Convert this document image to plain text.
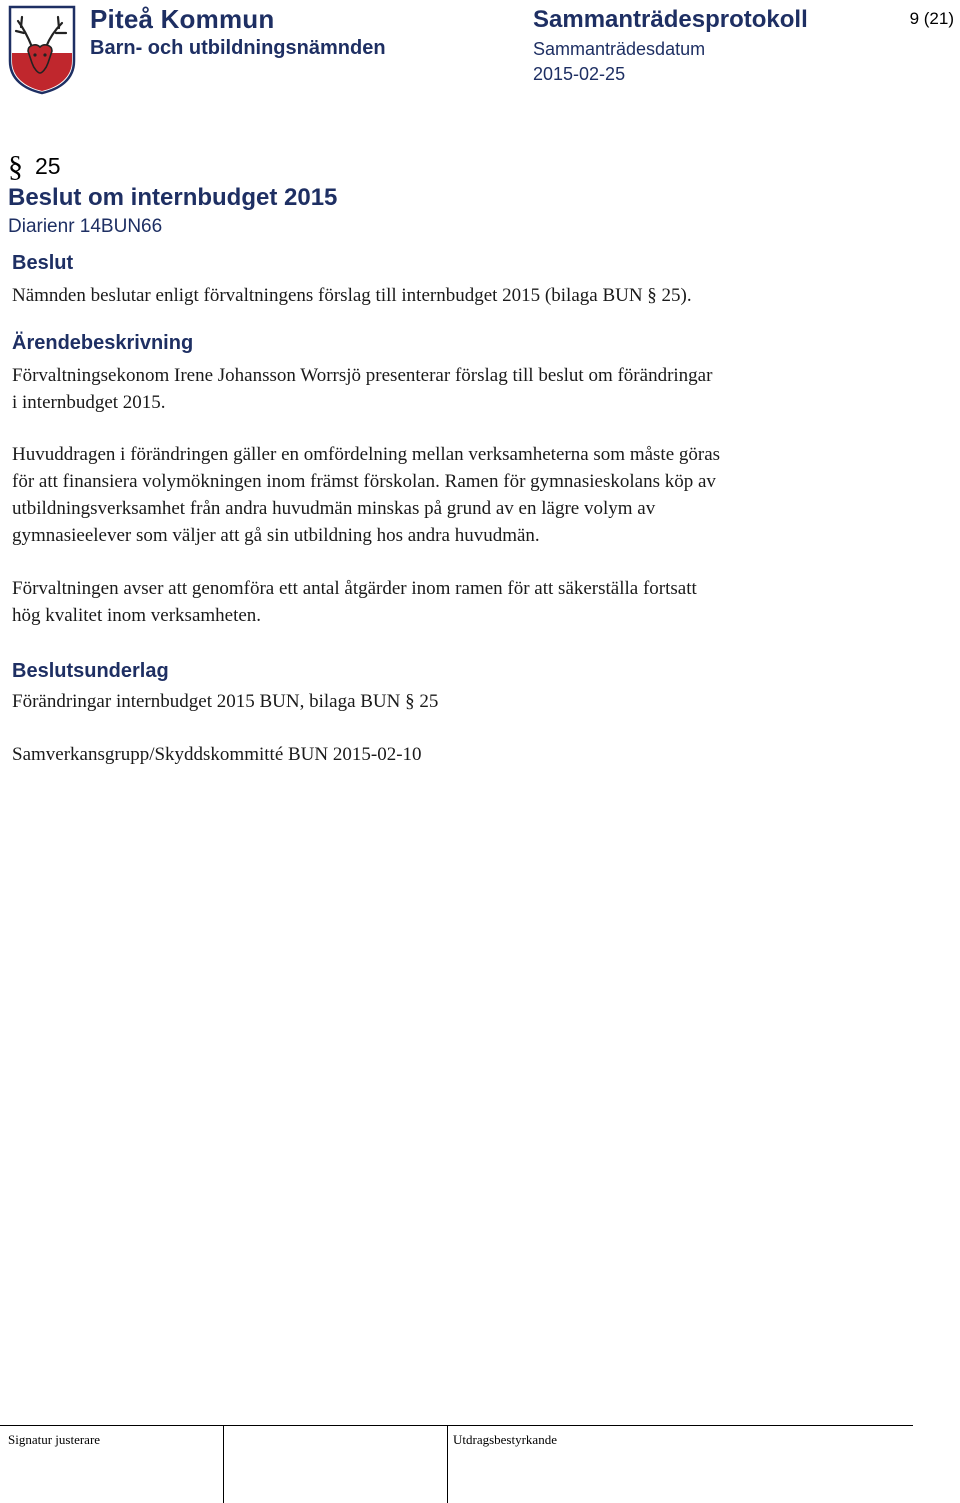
Piteå Kommun
Barn- och utbildningsnämnden
Sammanträdesprotokoll
Sammanträdesdatum
2015-02-25
9 (21)
§ 25
Beslut om internbudget 2015
Diarienr 14BUN66
Beslut
Nämnden beslutar enligt förvaltningens förslag till internbudget 2015 (bilaga BUN § 25).
Ärendebeskrivning
Förvaltningsekonom Irene Johansson Worrsjö presenterar förslag till beslut om förändringar
i internbudget 2015.
Huvuddragen i förändringen gäller en omfördelning mellan verksamheterna som måste göras
för att finansiera volymökningen inom främst förskolan. Ramen för gymnasieskolans köp av
utbildningsverksamhet från andra huvudmän minskas på grund av en lägre volym av
gymnasieelever som väljer att gå sin utbildning hos andra huvudmän.
Förvaltningen avser att genomföra ett antal åtgärder inom ramen för att säkerställa fortsatt
hög kvalitet inom verksamheten.
Beslutsunderlag
Förändringar internbudget 2015 BUN, bilaga BUN § 25
Samverkansgrupp/Skyddskommitté BUN 2015-02-10
Signatur justerare	Utdragsbestyrkande
